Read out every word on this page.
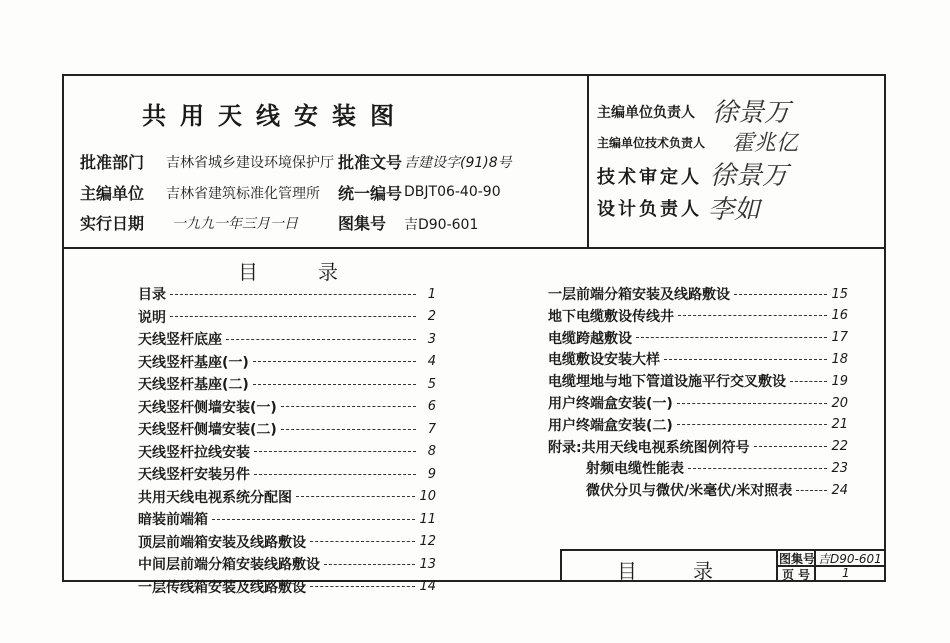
共用天线安装图
批准部门 吉林省城乡建设环境保护厅 批准文号 吉建设字(91)8号
主编单位 吉林省建筑标准化管理所 统一编号 DBJT06-40-90
实行日期 一九九一年三月一日	图集号 吉D90-601
主编单位负责人 徐景万
主编单位技术负责人 霍兆亿
技术审定人 徐景万
设计负责人 李如
目录
目录	1
说明	2
天线竖杆底座	3
天线竖杆基座(一)	4
天线竖杆基座(二)	5
天线竖杆侧墙安装(一)	6
天线竖杆侧墙安装(二)	7
天线竖杆拉线安装	8
天线竖杆安装另件	9
共用天线电视系统分配图	10
暗装前端箱	11
顶层前端箱安装及线路敷设	12
中间层前端分箱安装线路敷设	13
一层传线箱安装及线路敷设	14
一层前端分箱安装及线路敷设	15
地下电缆敷设传线井	16
电缆跨越敷设	17
电缆敷设安装大样	18
电缆埋地与地下管道设施平行交叉敷设	19
用户终端盒安装(一)	20
用户终端盒安装(二)	21
附录:共用天线电视系统图例符号	22
射频电缆性能表	23
微伏分贝与微伏/米毫伏/米对照表	24
目录 图集号 吉D90-601
页号 1
